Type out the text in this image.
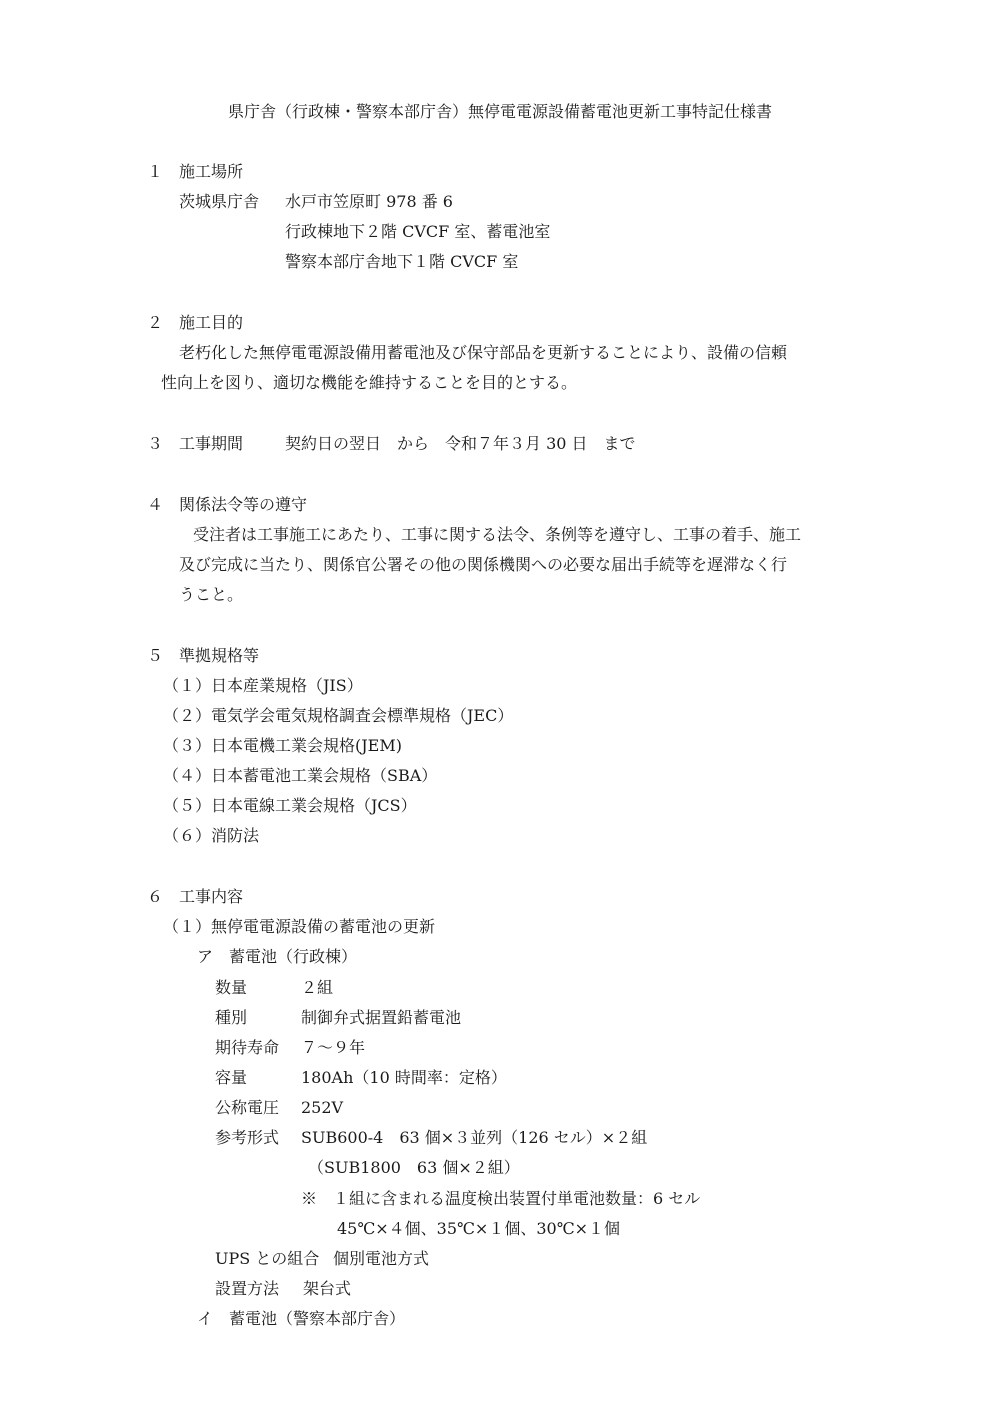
県庁舎（行政棟・警察本部庁舎）無停電電源設備蓄電池更新工事特記仕様書
１　施工場所
茨城県庁舎 水戸市笠原町 978 番 6
行政棟地下２階 CVCF 室、蓄電池室
警察本部庁舎地下１階 CVCF 室
２　施工目的
老朽化した無停電電源設備用蓄電池及び保守部品を更新することにより、設備の信頼
性向上を図り、適切な機能を維持することを目的とする。
３　工事期間	契約日の翌日　から　令和７年３月 30 日　まで
４　関係法令等の遵守
受注者は工事施工にあたり、工事に関する法令、条例等を遵守し、工事の着手、施工
及び完成に当たり、関係官公署その他の関係機関への必要な届出手続等を遅滞なく行
うこと。
５　準拠規格等
（１）日本産業規格（JIS）
（２）電気学会電気規格調査会標準規格（JEC）
（３）日本電機工業会規格(JEM)
（４）日本蓄電池工業会規格（SBA）
（５）日本電線工業会規格（JCS）
（６）消防法
６　工事内容
（１）無停電電源設備の蓄電池の更新
ア　蓄電池（行政棟）
数量	２組
種別	制御弁式据置鉛蓄電池
期待寿命 ７～９年
容量	180Ah（10 時間率：定格）
公称電圧 252V
参考形式 SUB600-4　63 個×３並列（126 セル）×２組
（SUB1800　63 個×２組）
※　１組に含まれる温度検出装置付単電池数量：6 セル
45℃×４個、35℃×１個、30℃×１個
UPS との組合 個別電池方式
設置方法 架台式
イ　蓄電池（警察本部庁舎）
